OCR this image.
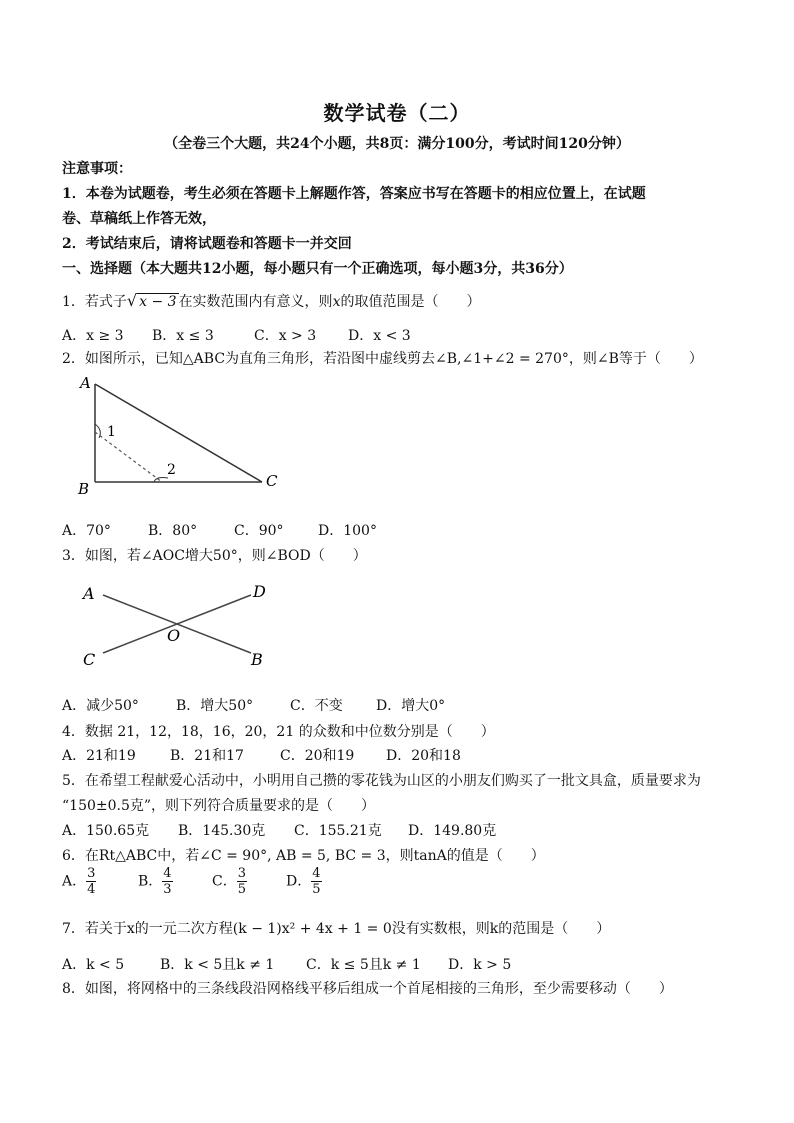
数学试卷（二）
（全卷三个大题，共24个小题，共8页：满分100分，考试时间120分钟）
注意事项：
1．本卷为试题卷，考生必须在答题卡上解题作答，答案应书写在答题卡的相应位置上，在试题
卷、草稿纸上作答无效，
2．考试结束后，请将试题卷和答题卡一并交回
一、选择题（本大题共12小题，每小题只有一个正确选项，每小题3分，共36分）
1．若式子√ x − 3 在实数范围内有意义，则x的取值范围是（　　）
A．x ≥ 3 B．x ≤ 3	C．x > 3 D．x < 3
2．如图所示，已知△ABC为直角三角形，若沿图中虚线剪去∠B,∠1+∠2 = 270°，则∠B等于（　　）
A
B	C
1
2
A．70°	B．80°	C．90° D．100°
3．如图，若∠AOC增大50°，则∠BOD（　　）
A
C
D
B
O
A．减少50°	B．增大50°	C．不变 D．增大0°
4．数据 21，12，18，16，20，21 的众数和中位数分别是（　　）
A．21和19 B．21和17	C．20和19 D．20和18
5．在希望工程献爱心活动中，小明用自己攒的零花钱为山区的小朋友们购买了一批文具盒，质量要求为
“150±0.5克”，则下列符合质量要求的是（　　）
A．150.65克 B．145.30克 C．155.21克 D．149.80克
6．在Rt△ABC中，若∠C = 90°, AB = 5, BC = 3，则tanA的值是（　　）
A． $\frac{3}{4}$	B． $\frac{4}{3}$	C． $\frac{3}{5}$	D． $\frac{4}{5}$
7．若关于x的一元二次方程(k − 1)x² + 4x + 1 = 0没有实数根，则k的范围是（　　）
A．k < 5	B．k < 5且k ≠ 1 C．k ≤ 5且k ≠ 1 D．k > 5
8．如图，将网格中的三条线段沿网格线平移后组成一个首尾相接的三角形，至少需要移动（　　）
